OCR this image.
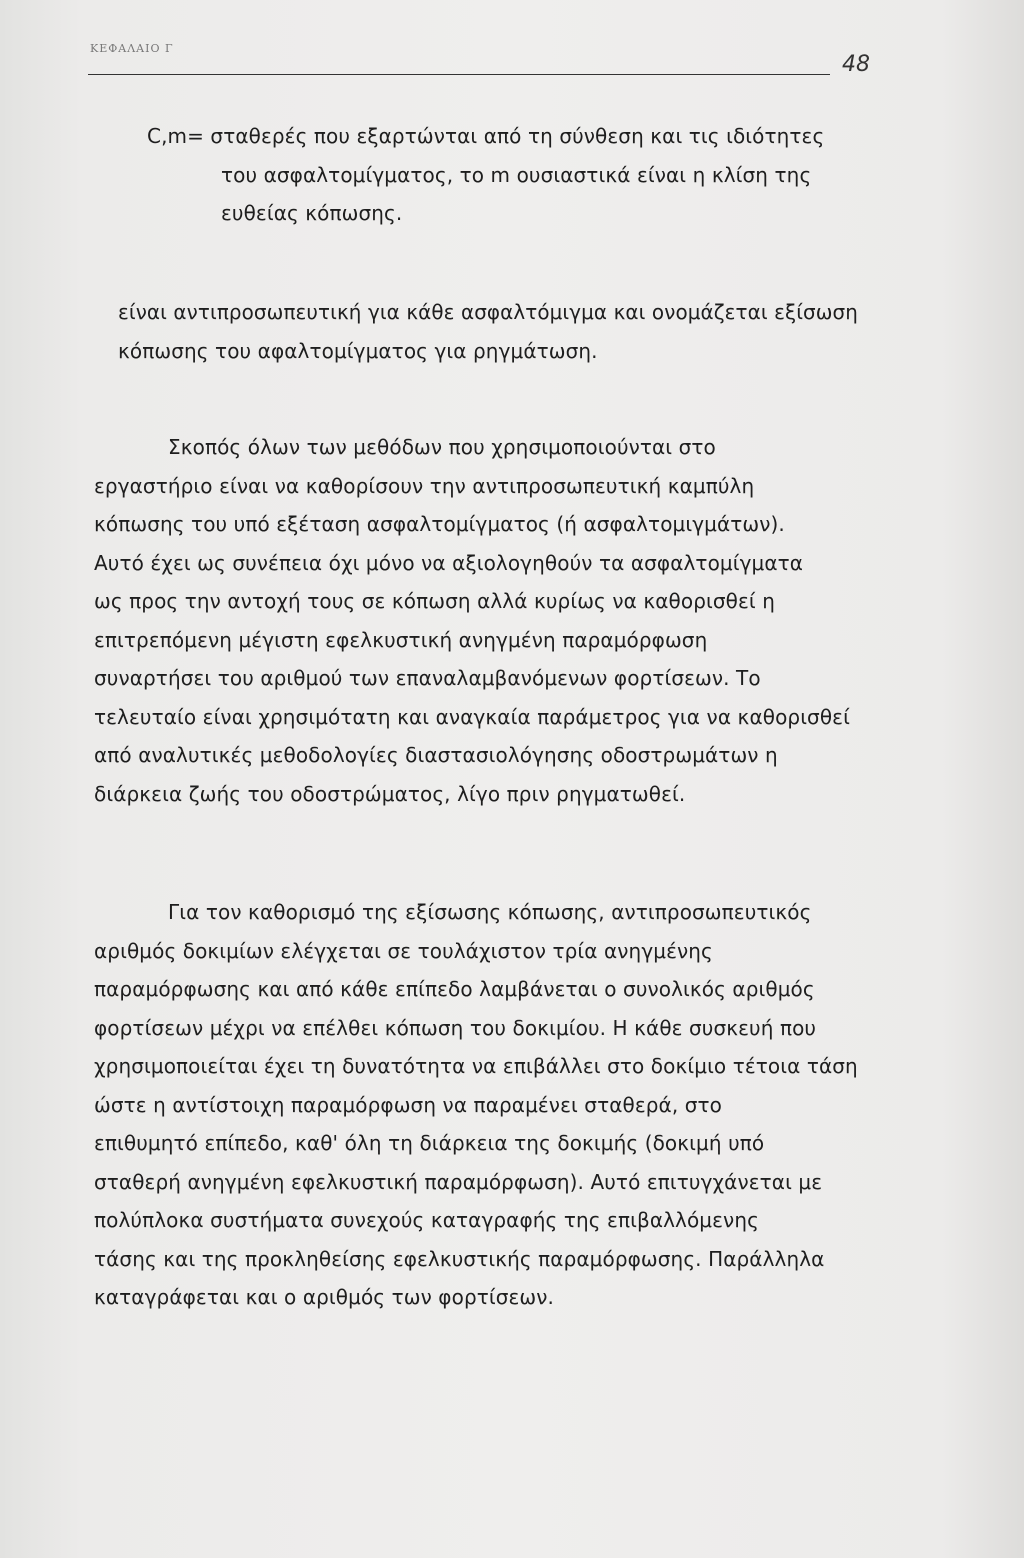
ΚΕΦΑΛΑΙΟ Γ
48
C,m= σταθερές που εξαρτώνται από τη σύνθεση και τις ιδιότητες
του ασφαλτομίγματος, το m ουσιαστικά είναι η κλίση της
ευθείας κόπωσης.
είναι αντιπροσωπευτική για κάθε ασφαλτόμιγμα και ονομάζεται εξίσωση
κόπωσης του αφαλτομίγματος για ρηγμάτωση.
Σκοπός όλων των μεθόδων που χρησιμοποιούνται στο
εργαστήριο είναι να καθορίσουν την αντιπροσωπευτική καμπύλη
κόπωσης του υπό εξέταση ασφαλτομίγματος (ή ασφαλτομιγμάτων).
Αυτό έχει ως συνέπεια όχι μόνο να αξιολογηθούν τα ασφαλτομίγματα
ως προς την αντοχή τους σε κόπωση αλλά κυρίως να καθορισθεί η
επιτρεπόμενη μέγιστη εφελκυστική ανηγμένη παραμόρφωση
συναρτήσει του αριθμού των επαναλαμβανόμενων φορτίσεων. Το
τελευταίο είναι χρησιμότατη και αναγκαία παράμετρος για να καθορισθεί
από αναλυτικές μεθοδολογίες διαστασιολόγησης οδοστρωμάτων η
διάρκεια ζωής του οδοστρώματος, λίγο πριν ρηγματωθεί.
Για τον καθορισμό της εξίσωσης κόπωσης, αντιπροσωπευτικός
αριθμός δοκιμίων ελέγχεται σε τουλάχιστον τρία ανηγμένης
παραμόρφωσης και από κάθε επίπεδο λαμβάνεται ο συνολικός αριθμός
φορτίσεων μέχρι να επέλθει κόπωση του δοκιμίου. Η κάθε συσκευή που
χρησιμοποιείται έχει τη δυνατότητα να επιβάλλει στο δοκίμιο τέτοια τάση
ώστε η αντίστοιχη παραμόρφωση να παραμένει σταθερά, στο
επιθυμητό επίπεδο, καθ' όλη τη διάρκεια της δοκιμής (δοκιμή υπό
σταθερή ανηγμένη εφελκυστική παραμόρφωση). Αυτό επιτυγχάνεται με
πολύπλοκα συστήματα συνεχούς καταγραφής της επιβαλλόμενης
τάσης και της προκληθείσης εφελκυστικής παραμόρφωσης. Παράλληλα
καταγράφεται και ο αριθμός των φορτίσεων.
